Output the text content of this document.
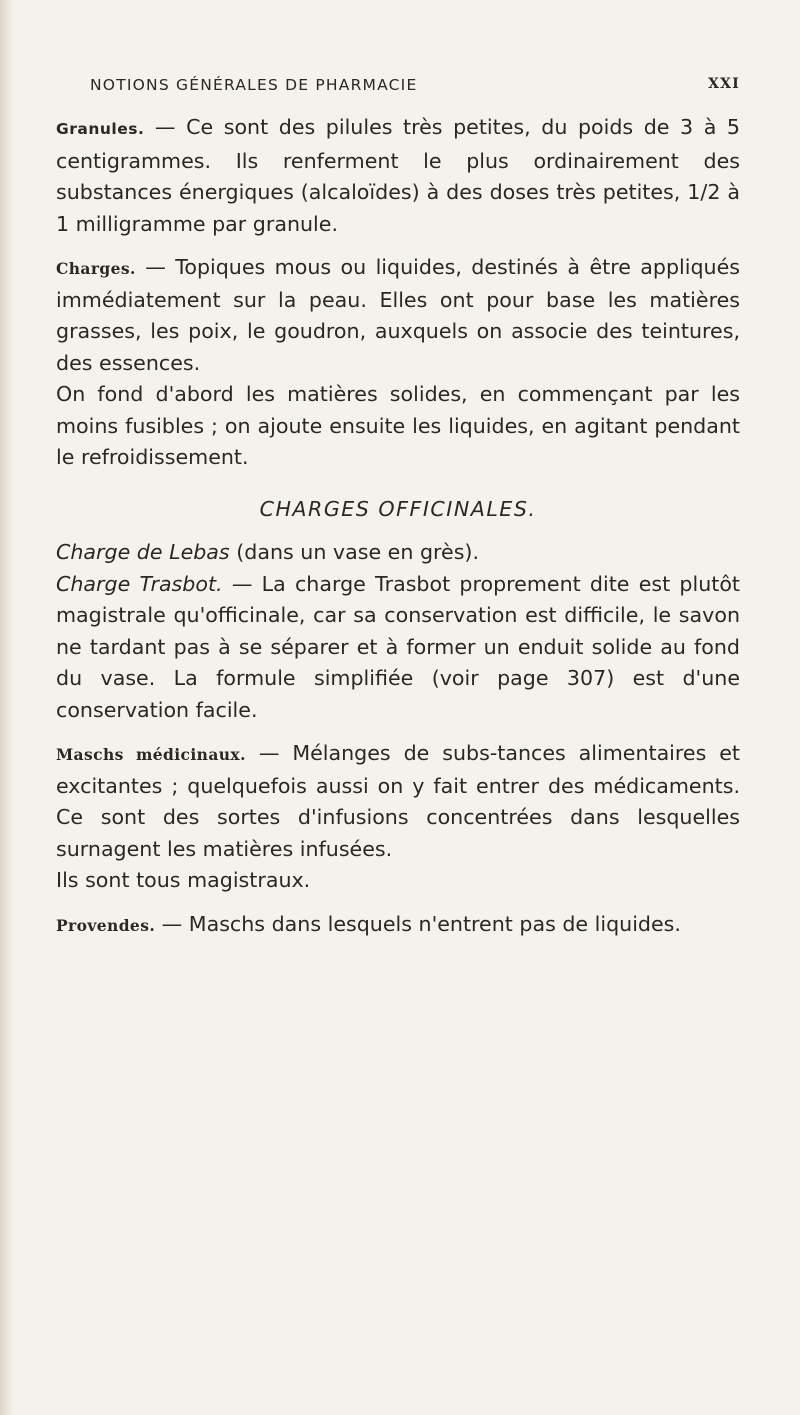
NOTIONS GÉNÉRALES DE PHARMACIE	XXI

Granules. — Ce sont des pilules très petites, du poids de 3 à 5 centigrammes. Ils renferment le plus ordinairement des substances énergiques (alcaloïdes) à des doses très petites, 1/2 à 1 milligramme par granule.

Charges. — Topiques mous ou liquides, destinés à être appliqués immédiatement sur la peau. Elles ont pour base les matières grasses, les poix, le goudron, auxquels on associe des teintures, des essences.

On fond d'abord les matières solides, en commençant par les moins fusibles ; on ajoute ensuite les liquides, en agitant pendant le refroidissement.

CHARGES OFFICINALES.

Charge de Lebas (dans un vase en grès).

Charge Trasbot. — La charge Trasbot proprement dite est plutôt magistrale qu'officinale, car sa conservation est difficile, le savon ne tardant pas à se séparer et à former un enduit solide au fond du vase. La formule simplifiée (voir page 307) est d'une conservation facile.

Maschs médicinaux. — Mélanges de subs-tances alimentaires et excitantes ; quelquefois aussi on y fait entrer des médicaments. Ce sont des sortes d'infusions concentrées dans lesquelles surnagent les matières infusées.

Ils sont tous magistraux.

Provendes. — Maschs dans lesquels n'entrent pas de liquides.
